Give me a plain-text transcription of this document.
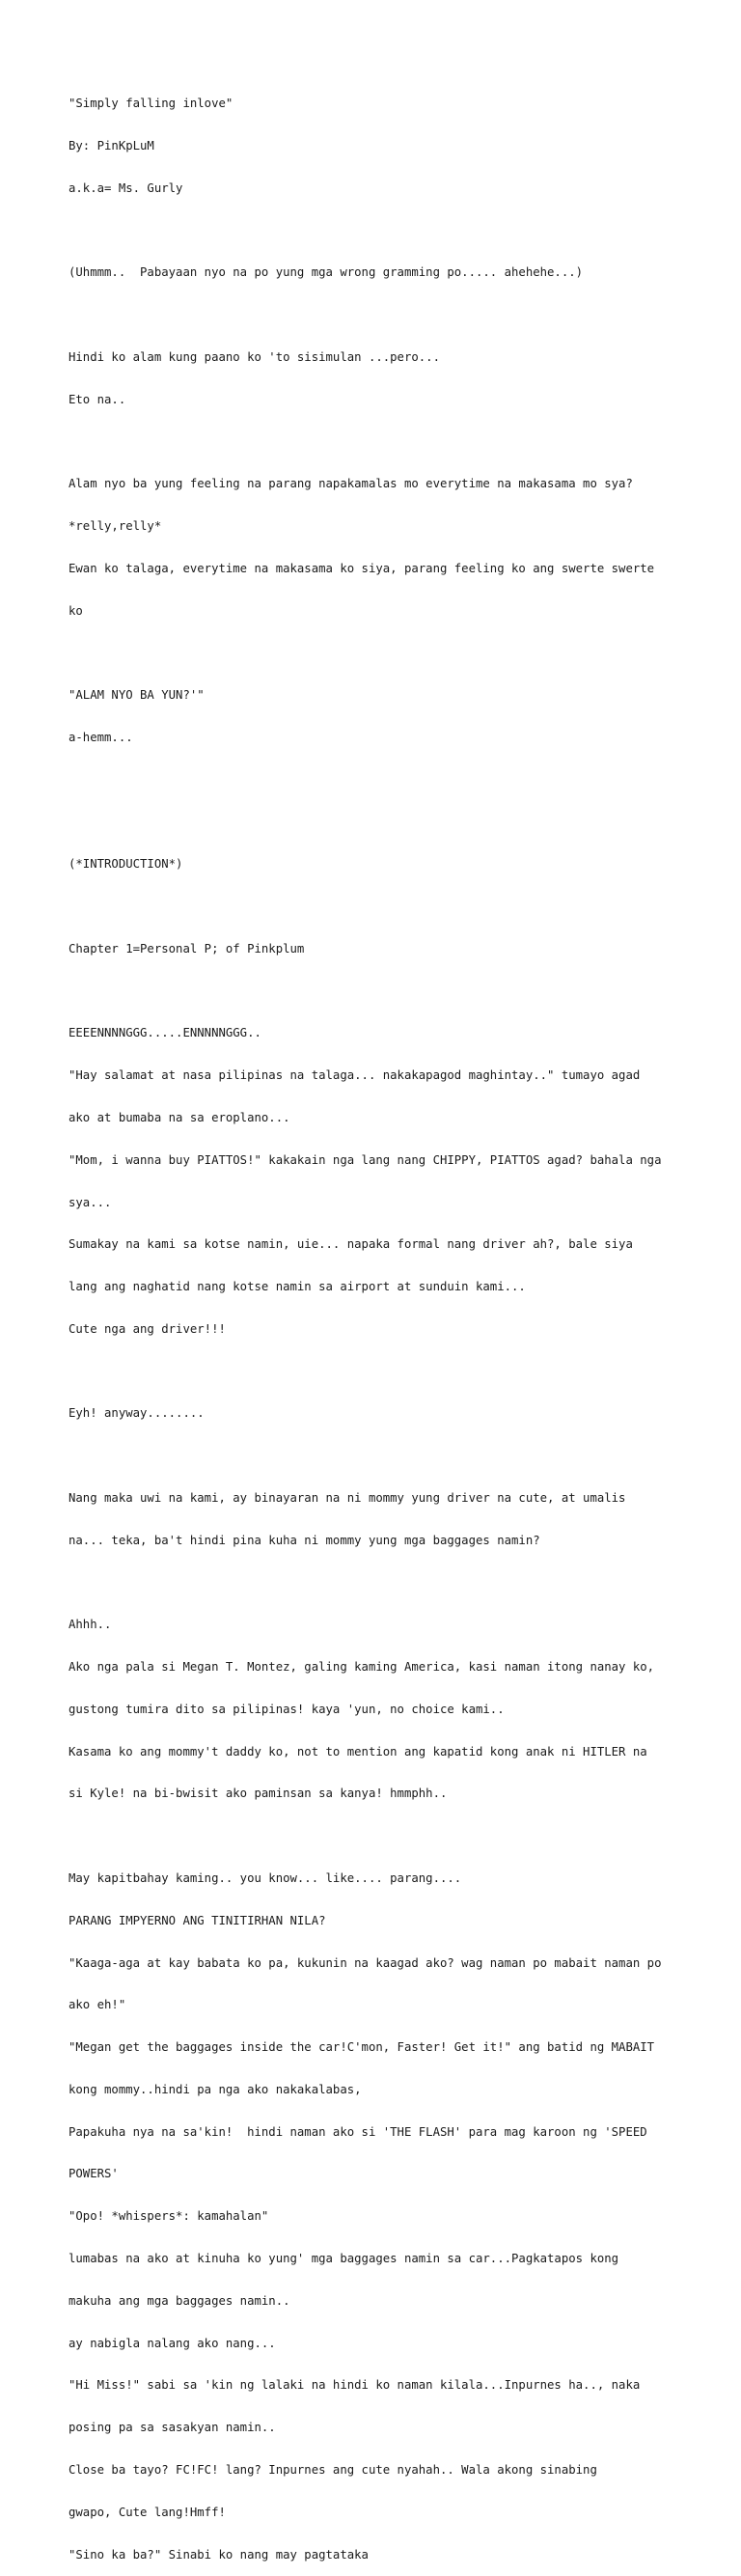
"Simply falling inlove"

By: PinKpLuM

a.k.a= Ms. Gurly

(Uhmmm..  Pabayaan nyo na po yung mga wrong gramming po..... ahehehe...)

Hindi ko alam kung paano ko 'to sisimulan ...pero...

Eto na..

Alam nyo ba yung feeling na parang napakamalas mo everytime na makasama mo sya?

*relly,relly*

Ewan ko talaga, everytime na makasama ko siya, parang feeling ko ang swerte swerte

ko

"ALAM NYO BA YUN?'"

a-hemm...

(*INTRODUCTION*)

Chapter 1=Personal P; of Pinkplum

EEEENNNNGGG.....ENNNNNGGG..

"Hay salamat at nasa pilipinas na talaga... nakakapagod maghintay.." tumayo agad

ako at bumaba na sa eroplano...

"Mom, i wanna buy PIATTOS!" kakakain nga lang nang CHIPPY, PIATTOS agad? bahala nga

sya...

Sumakay na kami sa kotse namin, uie... napaka formal nang driver ah?, bale siya

lang ang naghatid nang kotse namin sa airport at sunduin kami...

Cute nga ang driver!!!

Eyh! anyway........

Nang maka uwi na kami, ay binayaran na ni mommy yung driver na cute, at umalis

na... teka, ba't hindi pina kuha ni mommy yung mga baggages namin?

Ahhh..

Ako nga pala si Megan T. Montez, galing kaming America, kasi naman itong nanay ko,

gustong tumira dito sa pilipinas! kaya 'yun, no choice kami..

Kasama ko ang mommy't daddy ko, not to mention ang kapatid kong anak ni HITLER na

si Kyle! na bi-bwisit ako paminsan sa kanya! hmmphh..

May kapitbahay kaming.. you know... like.... parang....

PARANG IMPYERNO ANG TINITIRHAN NILA?

"Kaaga-aga at kay babata ko pa, kukunin na kaagad ako? wag naman po mabait naman po

ako eh!"

"Megan get the baggages inside the car!C'mon, Faster! Get it!" ang batid ng MABAIT

kong mommy..hindi pa nga ako nakakalabas,

Papakuha nya na sa'kin!  hindi naman ako si 'THE FLASH' para mag karoon ng 'SPEED

POWERS'

"Opo! *whispers*: kamahalan"

lumabas na ako at kinuha ko yung' mga baggages namin sa car...Pagkatapos kong

makuha ang mga baggages namin..

ay nabigla nalang ako nang...

"Hi Miss!" sabi sa 'kin ng lalaki na hindi ko naman kilala...Inpurnes ha.., naka

posing pa sa sasakyan namin..

Close ba tayo? FC!FC! lang? Inpurnes ang cute nyahah.. Wala akong sinabing

gwapo, Cute lang!Hmff!

"Sino ka ba?" Sinabi ko nang may pagtataka
